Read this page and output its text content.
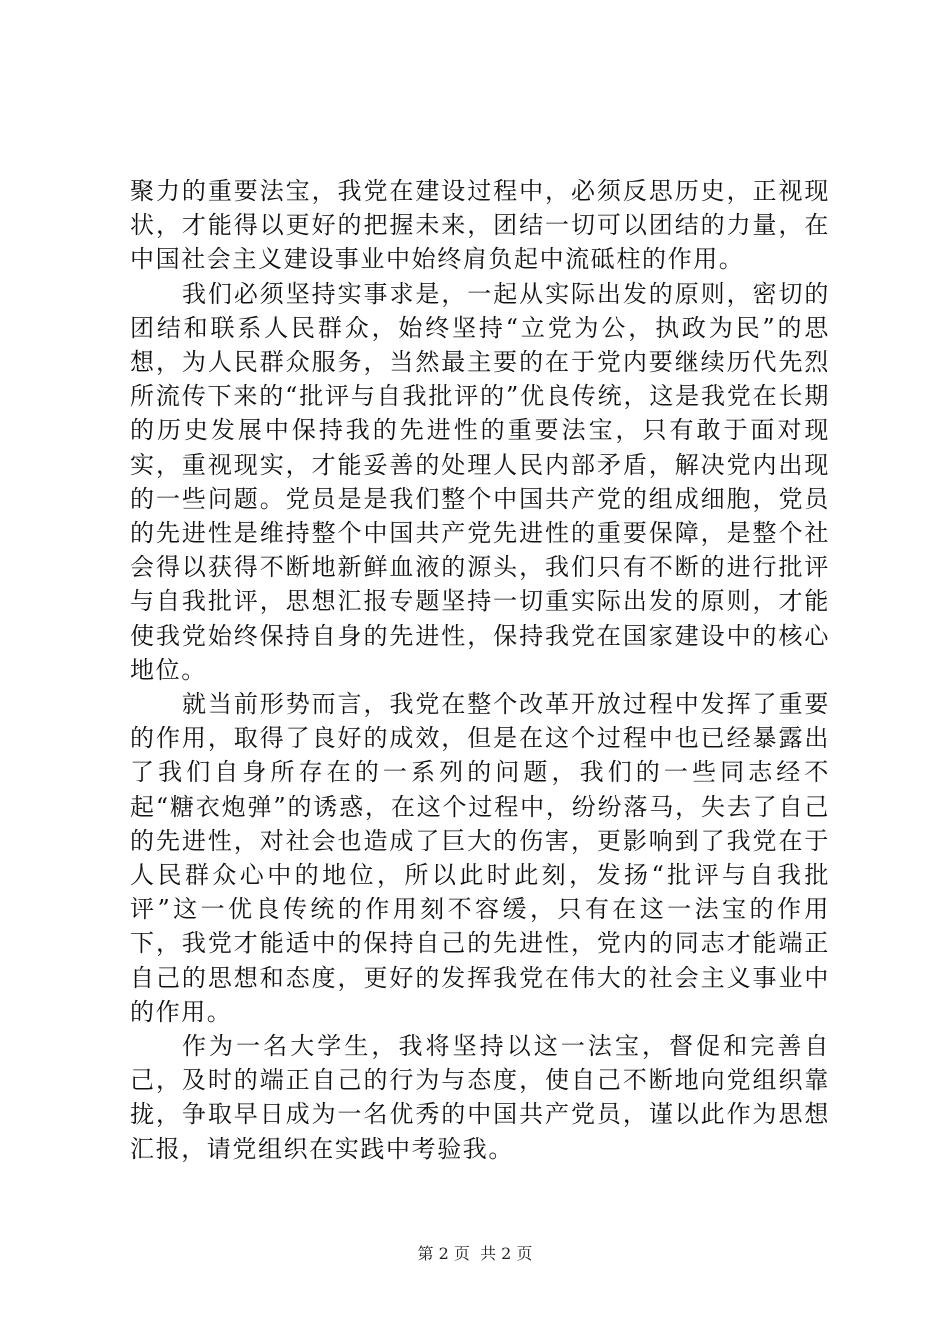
聚力的重要法宝，我党在建设过程中，必须反思历史，正视现状，才能得以更好的把握未来，团结一切可以团结的力量，在中国社会主义建设事业中始终肩负起中流砥柱的作用。

我们必须坚持实事求是，一起从实际出发的原则，密切的团结和联系人民群众，始终坚持“立党为公，执政为民”的思想，为人民群众服务，当然最主要的在于党内要继续历代先烈所流传下来的“批评与自我批评的”优良传统，这是我党在长期的历史发展中保持我的先进性的重要法宝，只有敢于面对现实，重视现实，才能妥善的处理人民内部矛盾，解决党内出现的一些问题。党员是是我们整个中国共产党的组成细胞，党员的先进性是维持整个中国共产党先进性的重要保障，是整个社会得以获得不断地新鲜血液的源头，我们只有不断的进行批评与自我批评，思想汇报专题坚持一切重实际出发的原则，才能使我党始终保持自身的先进性，保持我党在国家建设中的核心地位。

就当前形势而言，我党在整个改革开放过程中发挥了重要的作用，取得了良好的成效，但是在这个过程中也已经暴露出了我们自身所存在的一系列的问题，我们的一些同志经不起“糖衣炮弹”的诱惑，在这个过程中，纷纷落马，失去了自己的先进性，对社会也造成了巨大的伤害，更影响到了我党在于人民群众心中的地位，所以此时此刻，发扬“批评与自我批评”这一优良传统的作用刻不容缓，只有在这一法宝的作用下，我党才能适中的保持自己的先进性，党内的同志才能端正自己的思想和态度，更好的发挥我党在伟大的社会主义事业中的作用。

作为一名大学生，我将坚持以这一法宝，督促和完善自己，及时的端正自己的行为与态度，使自己不断地向党组织靠拢，争取早日成为一名优秀的中国共产党员，谨以此作为思想汇报，请党组织在实践中考验我。

第 2 页  共 2 页
